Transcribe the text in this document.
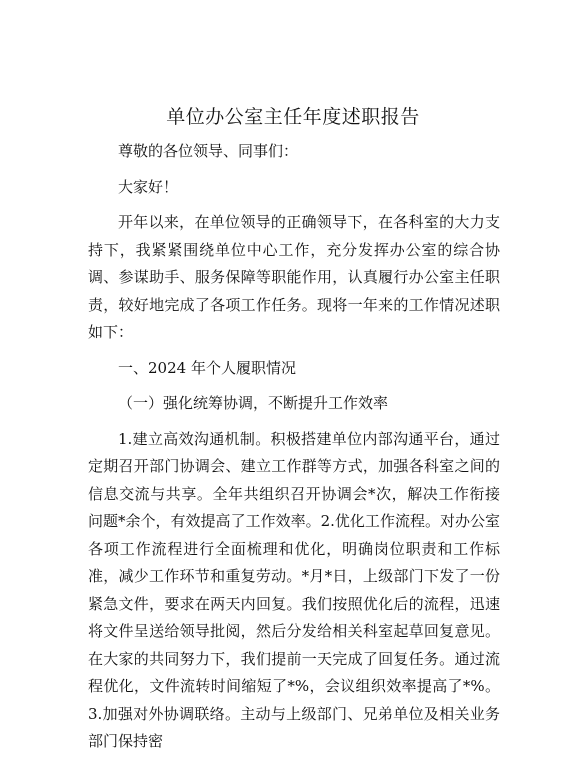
单位办公室主任年度述职报告

尊敬的各位领导、同事们：

大家好！

开年以来，在单位领导的正确领导下，在各科室的大力支持下，我紧紧围绕单位中心工作，充分发挥办公室的综合协调、参谋助手、服务保障等职能作用，认真履行办公室主任职责，较好地完成了各项工作任务。现将一年来的工作情况述职如下：

一、2024 年个人履职情况

（一）强化统筹协调，不断提升工作效率

1.建立高效沟通机制。积极搭建单位内部沟通平台，通过定期召开部门协调会、建立工作群等方式，加强各科室之间的信息交流与共享。全年共组织召开协调会*次，解决工作衔接问题*余个，有效提高了工作效率。2.优化工作流程。对办公室各项工作流程进行全面梳理和优化，明确岗位职责和工作标准，减少工作环节和重复劳动。*月*日，上级部门下发了一份紧急文件，要求在两天内回复。我们按照优化后的流程，迅速将文件呈送给领导批阅，然后分发给相关科室起草回复意见。在大家的共同努力下，我们提前一天完成了回复任务。通过流程优化，文件流转时间缩短了*%，会议组织效率提高了*%。3.加强对外协调联络。主动与上级部门、兄弟单位及相关业务部门保持密
